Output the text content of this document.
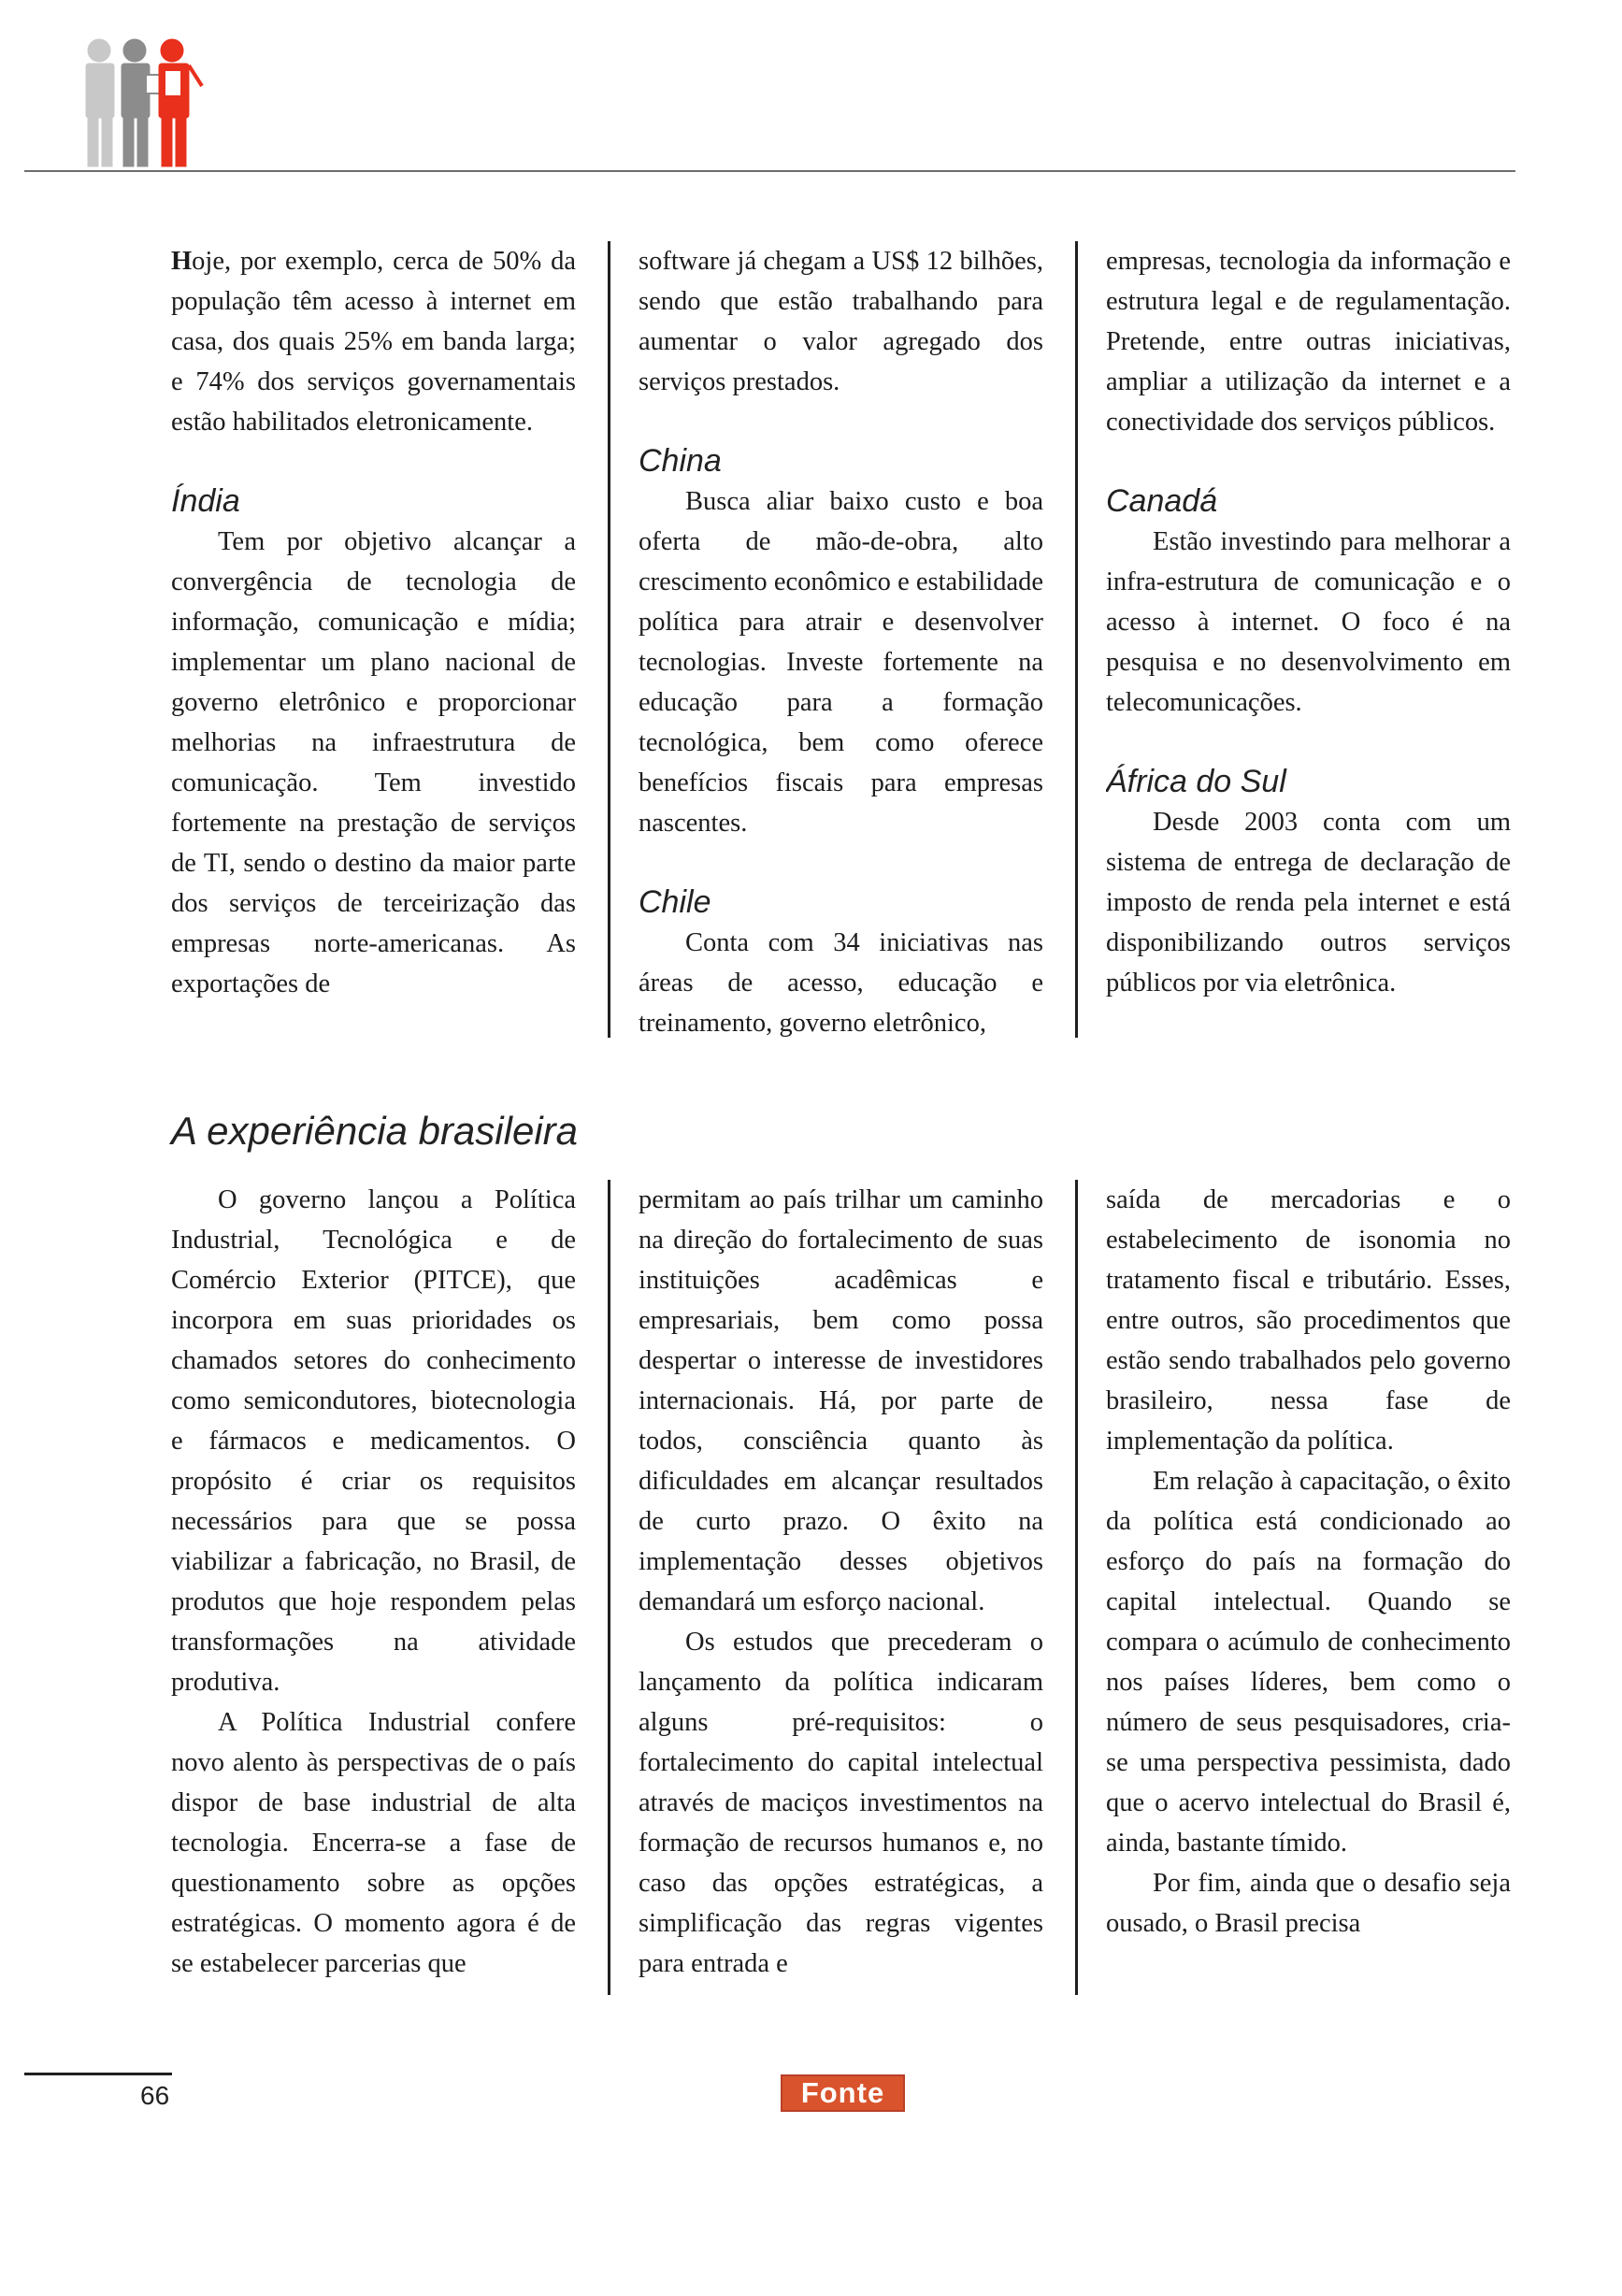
Hoje, por exemplo, cerca de 50% da população têm acesso à internet em casa, dos quais 25% em banda larga; e 74% dos serviços governamentais estão habilitados eletronicamente.

Índia

Tem por objetivo alcançar a convergência de tecnologia de informação, comunicação e mídia; implementar um plano nacional de governo eletrônico e proporcionar melhorias na infraestrutura de comunicação. Tem investido fortemente na prestação de serviços de TI, sendo o destino da maior parte dos serviços de terceirização das empresas norte-americanas. As exportações de

software já chegam a US$ 12 bilhões, sendo que estão trabalhando para aumentar o valor agregado dos serviços prestados.

China

Busca aliar baixo custo e boa oferta de mão-de-obra, alto crescimento econômico e estabilidade política para atrair e desenvolver tecnologias. Investe fortemente na educação para a formação tecnológica, bem como oferece benefícios fiscais para empresas nascentes.

Chile

Conta com 34 iniciativas nas áreas de acesso, educação e treinamento, governo eletrônico,

empresas, tecnologia da informação e estrutura legal e de regulamentação. Pretende, entre outras iniciativas, ampliar a utilização da internet e a conectividade dos serviços públicos.

Canadá

Estão investindo para melhorar a infra-estrutura de comunicação e o acesso à internet. O foco é na pesquisa e no desenvolvimento em telecomunicações.

África do Sul

Desde 2003 conta com um sistema de entrega de declaração de imposto de renda pela internet e está disponibilizando outros serviços públicos por via eletrônica.

A experiência brasileira

O governo lançou a Política Industrial, Tecnológica e de Comércio Exterior (PITCE), que incorpora em suas prioridades os chamados setores do conhecimento como semicondutores, biotecnologia e fármacos e medicamentos. O propósito é criar os requisitos necessários para que se possa viabilizar a fabricação, no Brasil, de produtos que hoje respondem pelas transformações na atividade produtiva.

A Política Industrial confere novo alento às perspectivas de o país dispor de base industrial de alta tecnologia. Encerra-se a fase de questionamento sobre as opções estratégicas. O momento agora é de se estabelecer parcerias que

permitam ao país trilhar um caminho na direção do fortalecimento de suas instituições acadêmicas e empresariais, bem como possa despertar o interesse de investidores internacionais. Há, por parte de todos, consciência quanto às dificuldades em alcançar resultados de curto prazo. O êxito na implementação desses objetivos demandará um esforço nacional.

Os estudos que precederam o lançamento da política indicaram alguns pré-requisitos: o fortalecimento do capital intelectual através de maciços investimentos na formação de recursos humanos e, no caso das opções estratégicas, a simplificação das regras vigentes para entrada e

saída de mercadorias e o estabelecimento de isonomia no tratamento fiscal e tributário. Esses, entre outros, são procedimentos que estão sendo trabalhados pelo governo brasileiro, nessa fase de implementação da política.

Em relação à capacitação, o êxito da política está condicionado ao esforço do país na formação do capital intelectual. Quando se compara o acúmulo de conhecimento nos países líderes, bem como o número de seus pesquisadores, cria-se uma perspectiva pessimista, dado que o acervo intelectual do Brasil é, ainda, bastante tímido.

Por fim, ainda que o desafio seja ousado, o Brasil precisa

66	Fonte
